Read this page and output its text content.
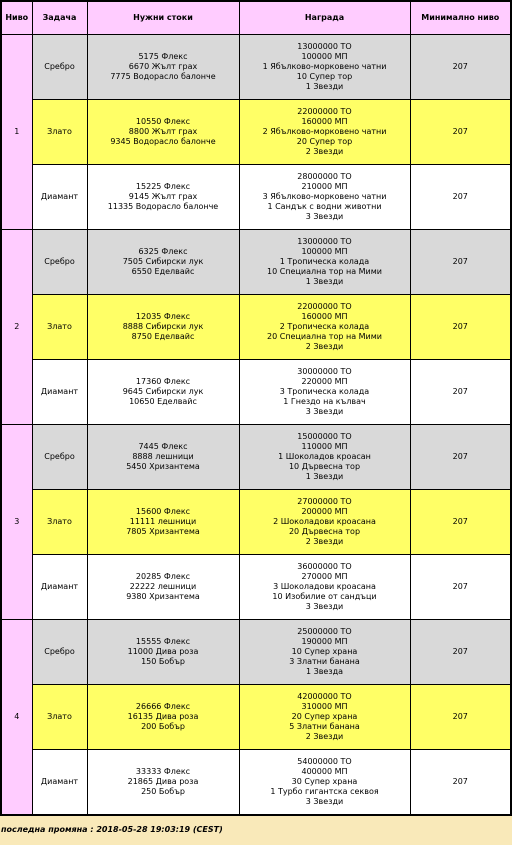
Ниво	Задача	Нужни стоки	Награда	Минимално ниво
1	Сребро	5175 Флекс
6670 Жълт грах
7775 Водорасло балонче	13000000 ТО
100000 МП
1 Ябълково-морковено чатни
10 Супер тор
1 Звезди	207
	Злато	10550 Флекс
8800 Жълт грах
9345 Водорасло балонче	22000000 ТО
160000 МП
2 Ябълково-морковено чатни
20 Супер тор
2 Звезди	207
	Диамант	15225 Флекс
9145 Жълт грах
11335 Водорасло балонче	28000000 ТО
210000 МП
3 Ябълково-морковено чатни
1 Сандък с водни животни
3 Звезди	207
2	Сребро	6325 Флекс
7505 Сибирски лук
6550 Еделвайс	13000000 ТО
100000 МП
1 Тропическа колада
10 Специална тор на Мими
1 Звезди	207
	Злато	12035 Флекс
8888 Сибирски лук
8750 Еделвайс	22000000 ТО
160000 МП
2 Тропическа колада
20 Специална тор на Мими
2 Звезди	207
	Диамант	17360 Флекс
9645 Сибирски лук
10650 Еделвайс	30000000 ТО
220000 МП
3 Тропическа колада
1 Гнездо на кълвач
3 Звезди	207
3	Сребро	7445 Флекс
8888 лешници
5450 Хризантема	15000000 ТО
110000 МП
1 Шоколадов кроасан
10 Дървесна тор
1 Звезди	207
	Злато	15600 Флекс
11111 лешници
7805 Хризантема	27000000 ТО
200000 МП
2 Шоколадови кроасана
20 Дървесна тор
2 Звезди	207
	Диамант	20285 Флекс
22222 лешници
9380 Хризантема	36000000 ТО
270000 МП
3 Шоколадови кроасана
10 Изобилие от сандъци
3 Звезди	207
4	Сребро	15555 Флекс
11000 Дива роза
150 Бобър	25000000 ТО
190000 МП
10 Супер храна
3 Златни банана
1 Звезда	207
	Злато	26666 Флекс
16135 Дива роза
200 Бобър	42000000 ТО
310000 МП
20 Супер храна
5 Златни банана
2 Звезди	207
	Диамант	33333 Флекс
21865 Дива роза
250 Бобър	54000000 ТО
400000 МП
30 Супер храна
1 Турбо гигантска секвоя
3 Звезди	207
последна промяна : 2018-05-28 19:03:19 (CEST)
